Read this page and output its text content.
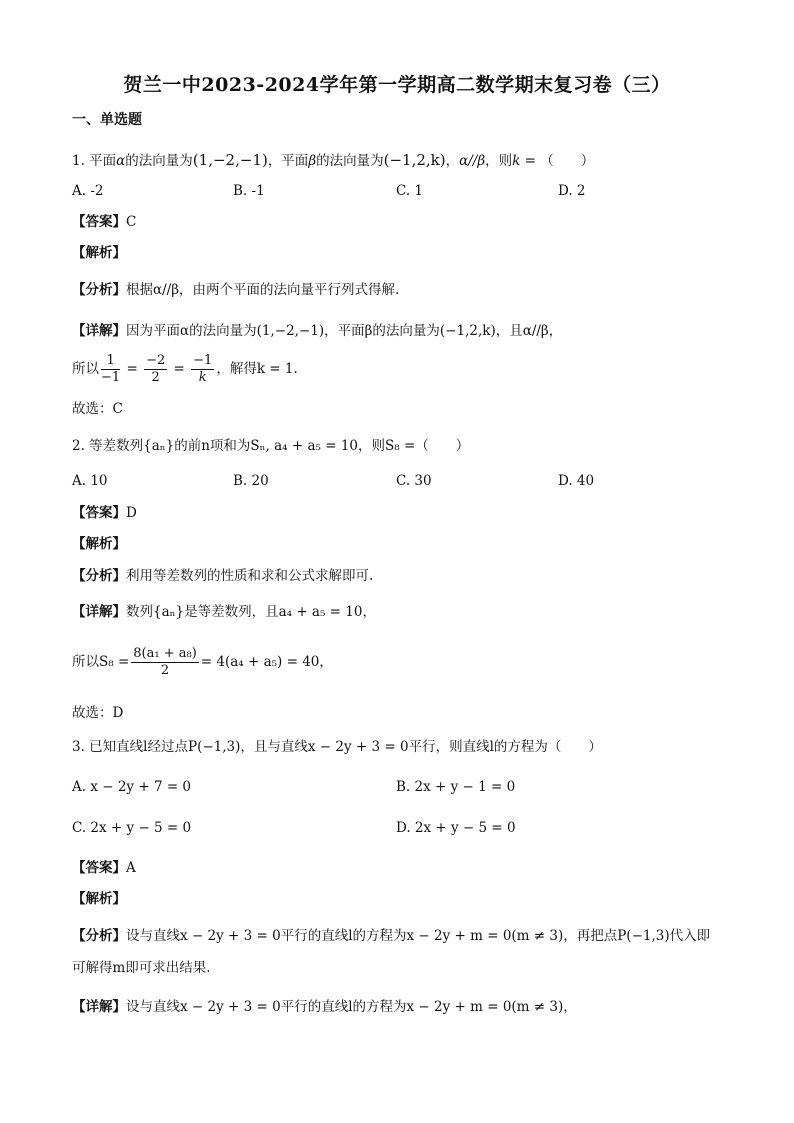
贺兰一中2023-2024学年第一学期高二数学期末复习卷（三）
一、单选题
1. 平面α的法向量为(1,−2,−1)，平面β的法向量为(−1,2,k)，α//β，则k = （　　）
A. -2	B. -1	C. 1	D. 2
【答案】C
【解析】
【分析】根据α//β，由两个平面的法向量平行列式得解.
【详解】因为平面α的法向量为(1,−2,−1)，平面β的法向量为(−1,2,k)，且α//β，
所以 $\frac{1}{-1} = \frac{-2}{2} = \frac{-1}{k}$ ，解得k = 1.
故选：C
2. 等差数列{aₙ}的前n项和为Sₙ, a₄ + a₅ = 10，则S₈ =（　　）
A. 10	B. 20	C. 30	D. 40
【答案】D
【解析】
【分析】利用等差数列的性质和求和公式求解即可.
【详解】数列{aₙ}是等差数列，且a₄ + a₅ = 10，
所以$S_8 = \frac{\text{8(a₁ + a₈)}}{2} = 4(a_4 + a_5) = 40$，
故选：D
3. 已知直线l经过点P(−1,3)，且与直线x − 2y + 3 = 0平行，则直线l的方程为（　　）
A. x − 2y + 7 = 0	B. 2x + y − 1 = 0
C. 2x + y − 5 = 0	D. 2x + y − 5 = 0
【答案】A
【解析】
【分析】设与直线x − 2y + 3 = 0平行的直线l的方程为x − 2y + m = 0(m ≠ 3)，再把点P(−1,3)代入即
可解得m即可求出结果.
【详解】设与直线x − 2y + 3 = 0平行的直线l的方程为x − 2y + m = 0(m ≠ 3)，
